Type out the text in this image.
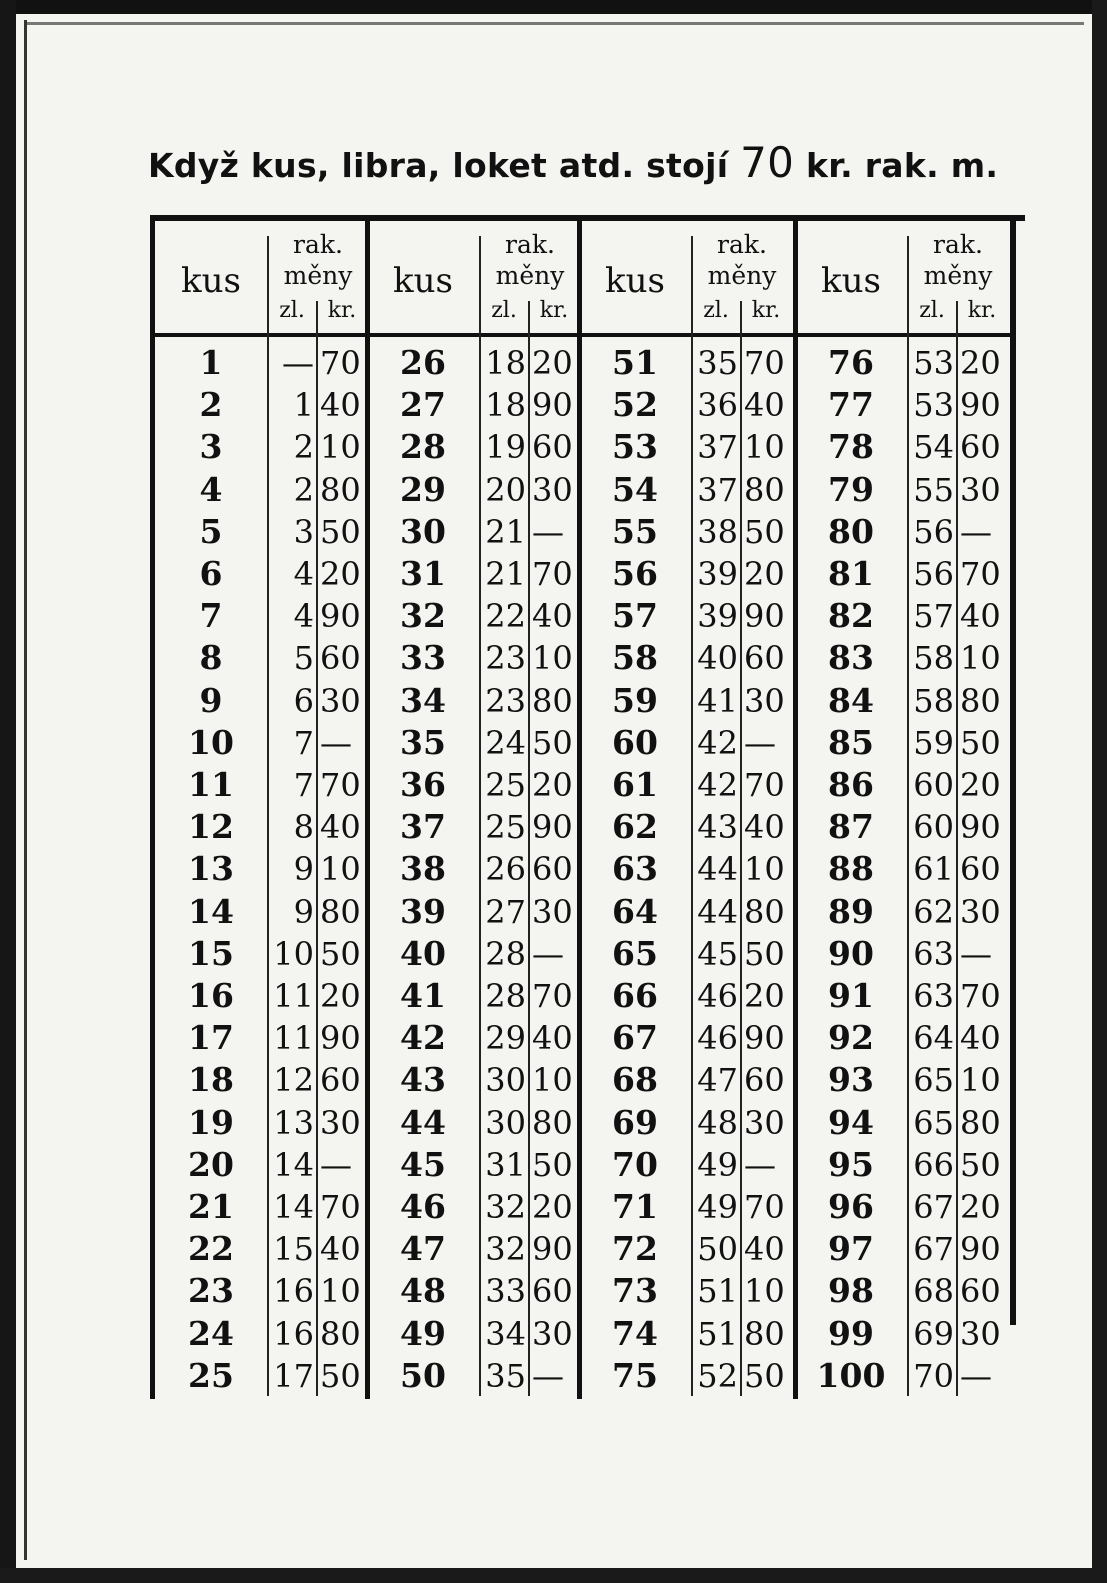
Když kus, libra, loket atd. stojí 70 kr. rak. m.
kus
rak.
měny
zl.	kr.
1	— 70
2	1 40
3	2 10
4	2 80
5	3 50
6	4 20
7	4 90
8	5 60
9	6 30
10	7 —
11	7 70
12	8 40
13	9 10
14	9 80
15	10 50
16	11 20
17	11 90
18	12 60
19	13 30
20	14 —
21	14 70
22	15 40
23	16 10
24	16 80
25	17 50
kus
rak.
měny
zl.	kr.
26	18 20
27	18 90
28	19 60
29	20 30
30	21 —
31	21 70
32	22 40
33	23 10
34	23 80
35	24 50
36	25 20
37	25 90
38	26 60
39	27 30
40	28 —
41	28 70
42	29 40
43	30 10
44	30 80
45	31 50
46	32 20
47	32 90
48	33 60
49	34 30
50	35 —
kus
rak.
měny
zl.	kr.
51	35 70
52	36 40
53	37 10
54	37 80
55	38 50
56	39 20
57	39 90
58	40 60
59	41 30
60	42 —
61	42 70
62	43 40
63	44 10
64	44 80
65	45 50
66	46 20
67	46 90
68	47 60
69	48 30
70	49 —
71	49 70
72	50 40
73	51 10
74	51 80
75	52 50
kus
rak.
měny
zl.	kr.
76	53 20
77	53 90
78	54 60
79	55 30
80	56 —
81	56 70
82	57 40
83	58 10
84	58 80
85	59 50
86	60 20
87	60 90
88	61 60
89	62 30
90	63 —
91	63 70
92	64 40
93	65 10
94	65 80
95	66 50
96	67 20
97	67 90
98	68 60
99	69 30
100 70 —
